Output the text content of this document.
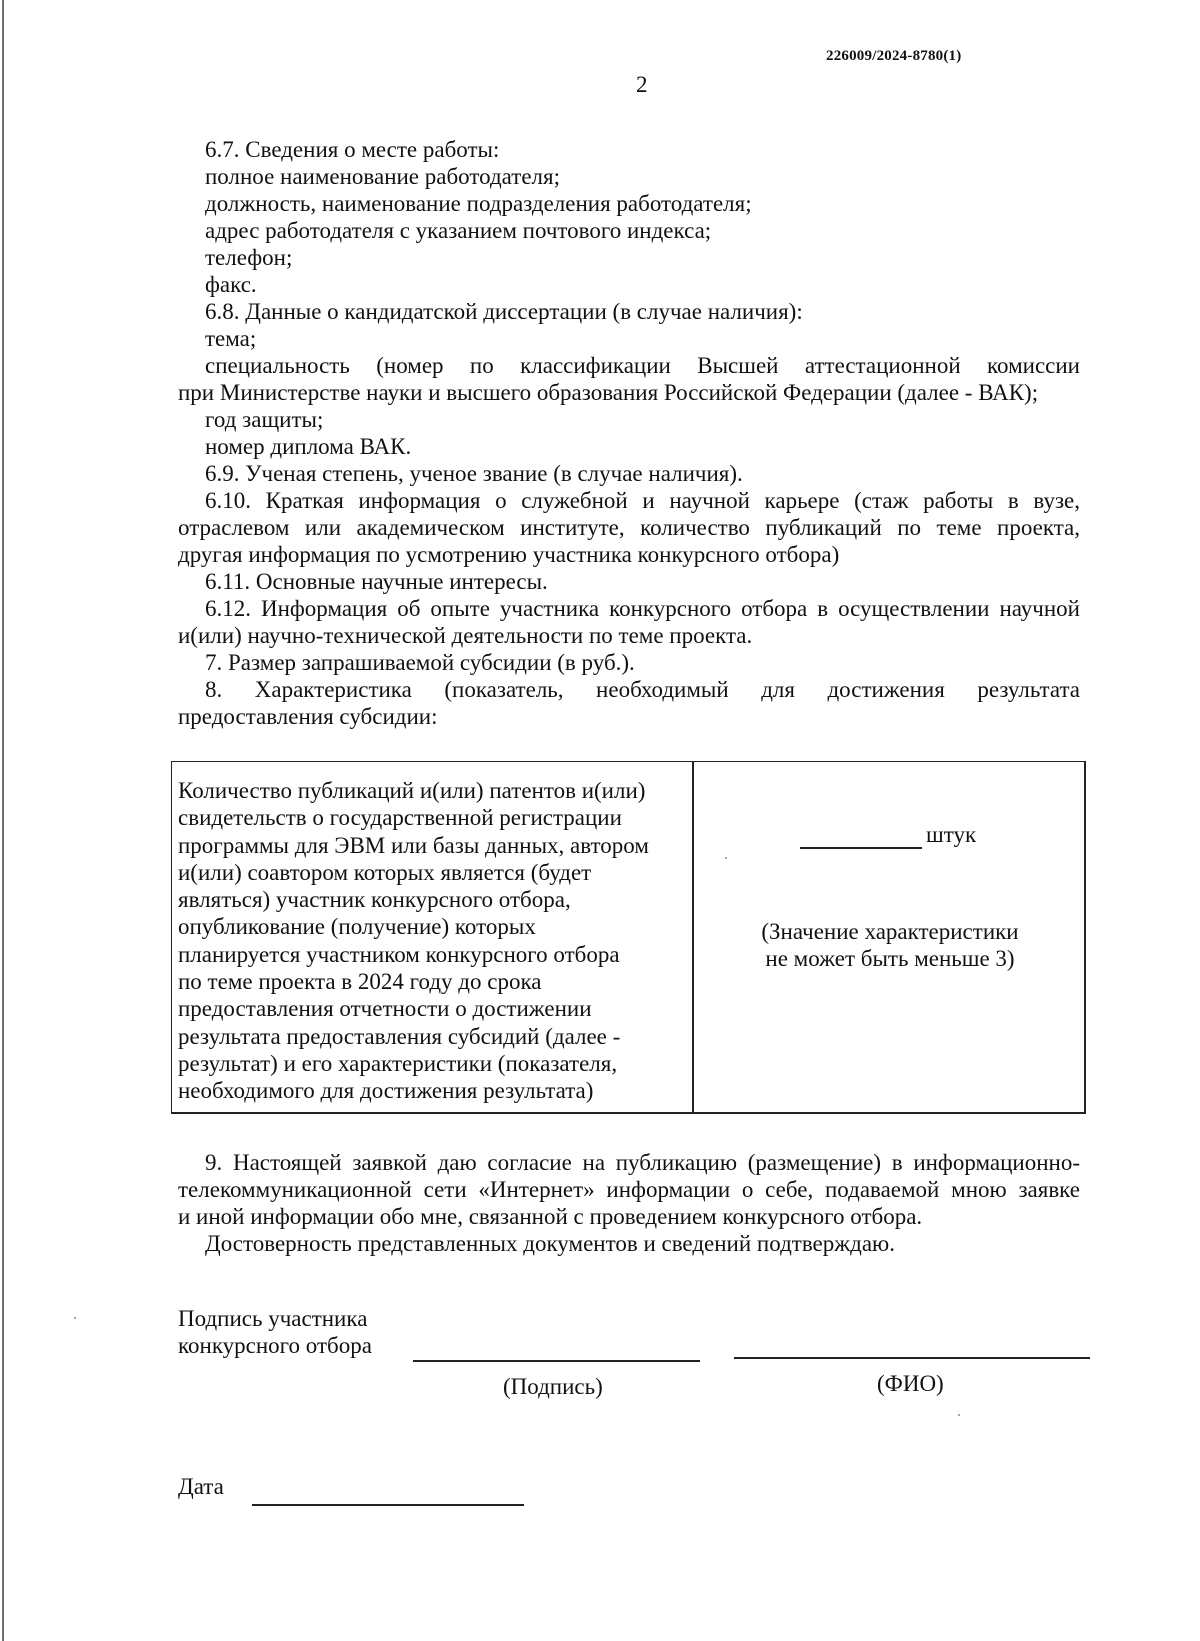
226009/2024-8780(1)
2
6.7. Сведения о месте работы:
полное наименование работодателя;
должность, наименование подразделения работодателя;
адрес работодателя с указанием почтового индекса;
телефон;
факс.
6.8. Данные о кандидатской диссертации (в случае наличия):
тема;
специальность (номер по классификации Высшей аттестационной комиссии
при Министерстве науки и высшего образования Российской Федерации (далее - ВАК);
год защиты;
номер диплома ВАК.
6.9. Ученая степень, ученое звание (в случае наличия).
6.10. Краткая информация о служебной и научной карьере (стаж работы в вузе,
отраслевом или академическом институте, количество публикаций по теме проекта,
другая информация по усмотрению участника конкурсного отбора)
6.11. Основные научные интересы.
6.12. Информация об опыте участника конкурсного отбора в осуществлении научной
и(или) научно-технической деятельности по теме проекта.
7. Размер запрашиваемой субсидии (в руб.).
8. Характеристика (показатель, необходимый для достижения результата
предоставления субсидии:
Количество публикаций и(или) патентов и(или)
свидетельств о государственной регистрации
программы для ЭВМ или базы данных, автором
и(или) соавтором которых является (будет
являться) участник конкурсного отбора,
опубликование (получение) которых
планируется участником конкурсного отбора
по теме проекта в 2024 году до срока
предоставления отчетности о достижении
результата предоставления субсидий (далее -
результат) и его характеристики (показателя,
необходимого для достижения результата)
штук
(Значение характеристики
не может быть меньше 3)
9. Настоящей заявкой даю согласие на публикацию (размещение) в информационно-
телекоммуникационной сети «Интернет» информации о себе, подаваемой мною заявке
и иной информации обо мне, связанной с проведением конкурсного отбора.
Достоверность представленных документов и сведений подтверждаю.
Подпись участника
конкурсного отбора
(Подпись)	(ФИО)
Дата
